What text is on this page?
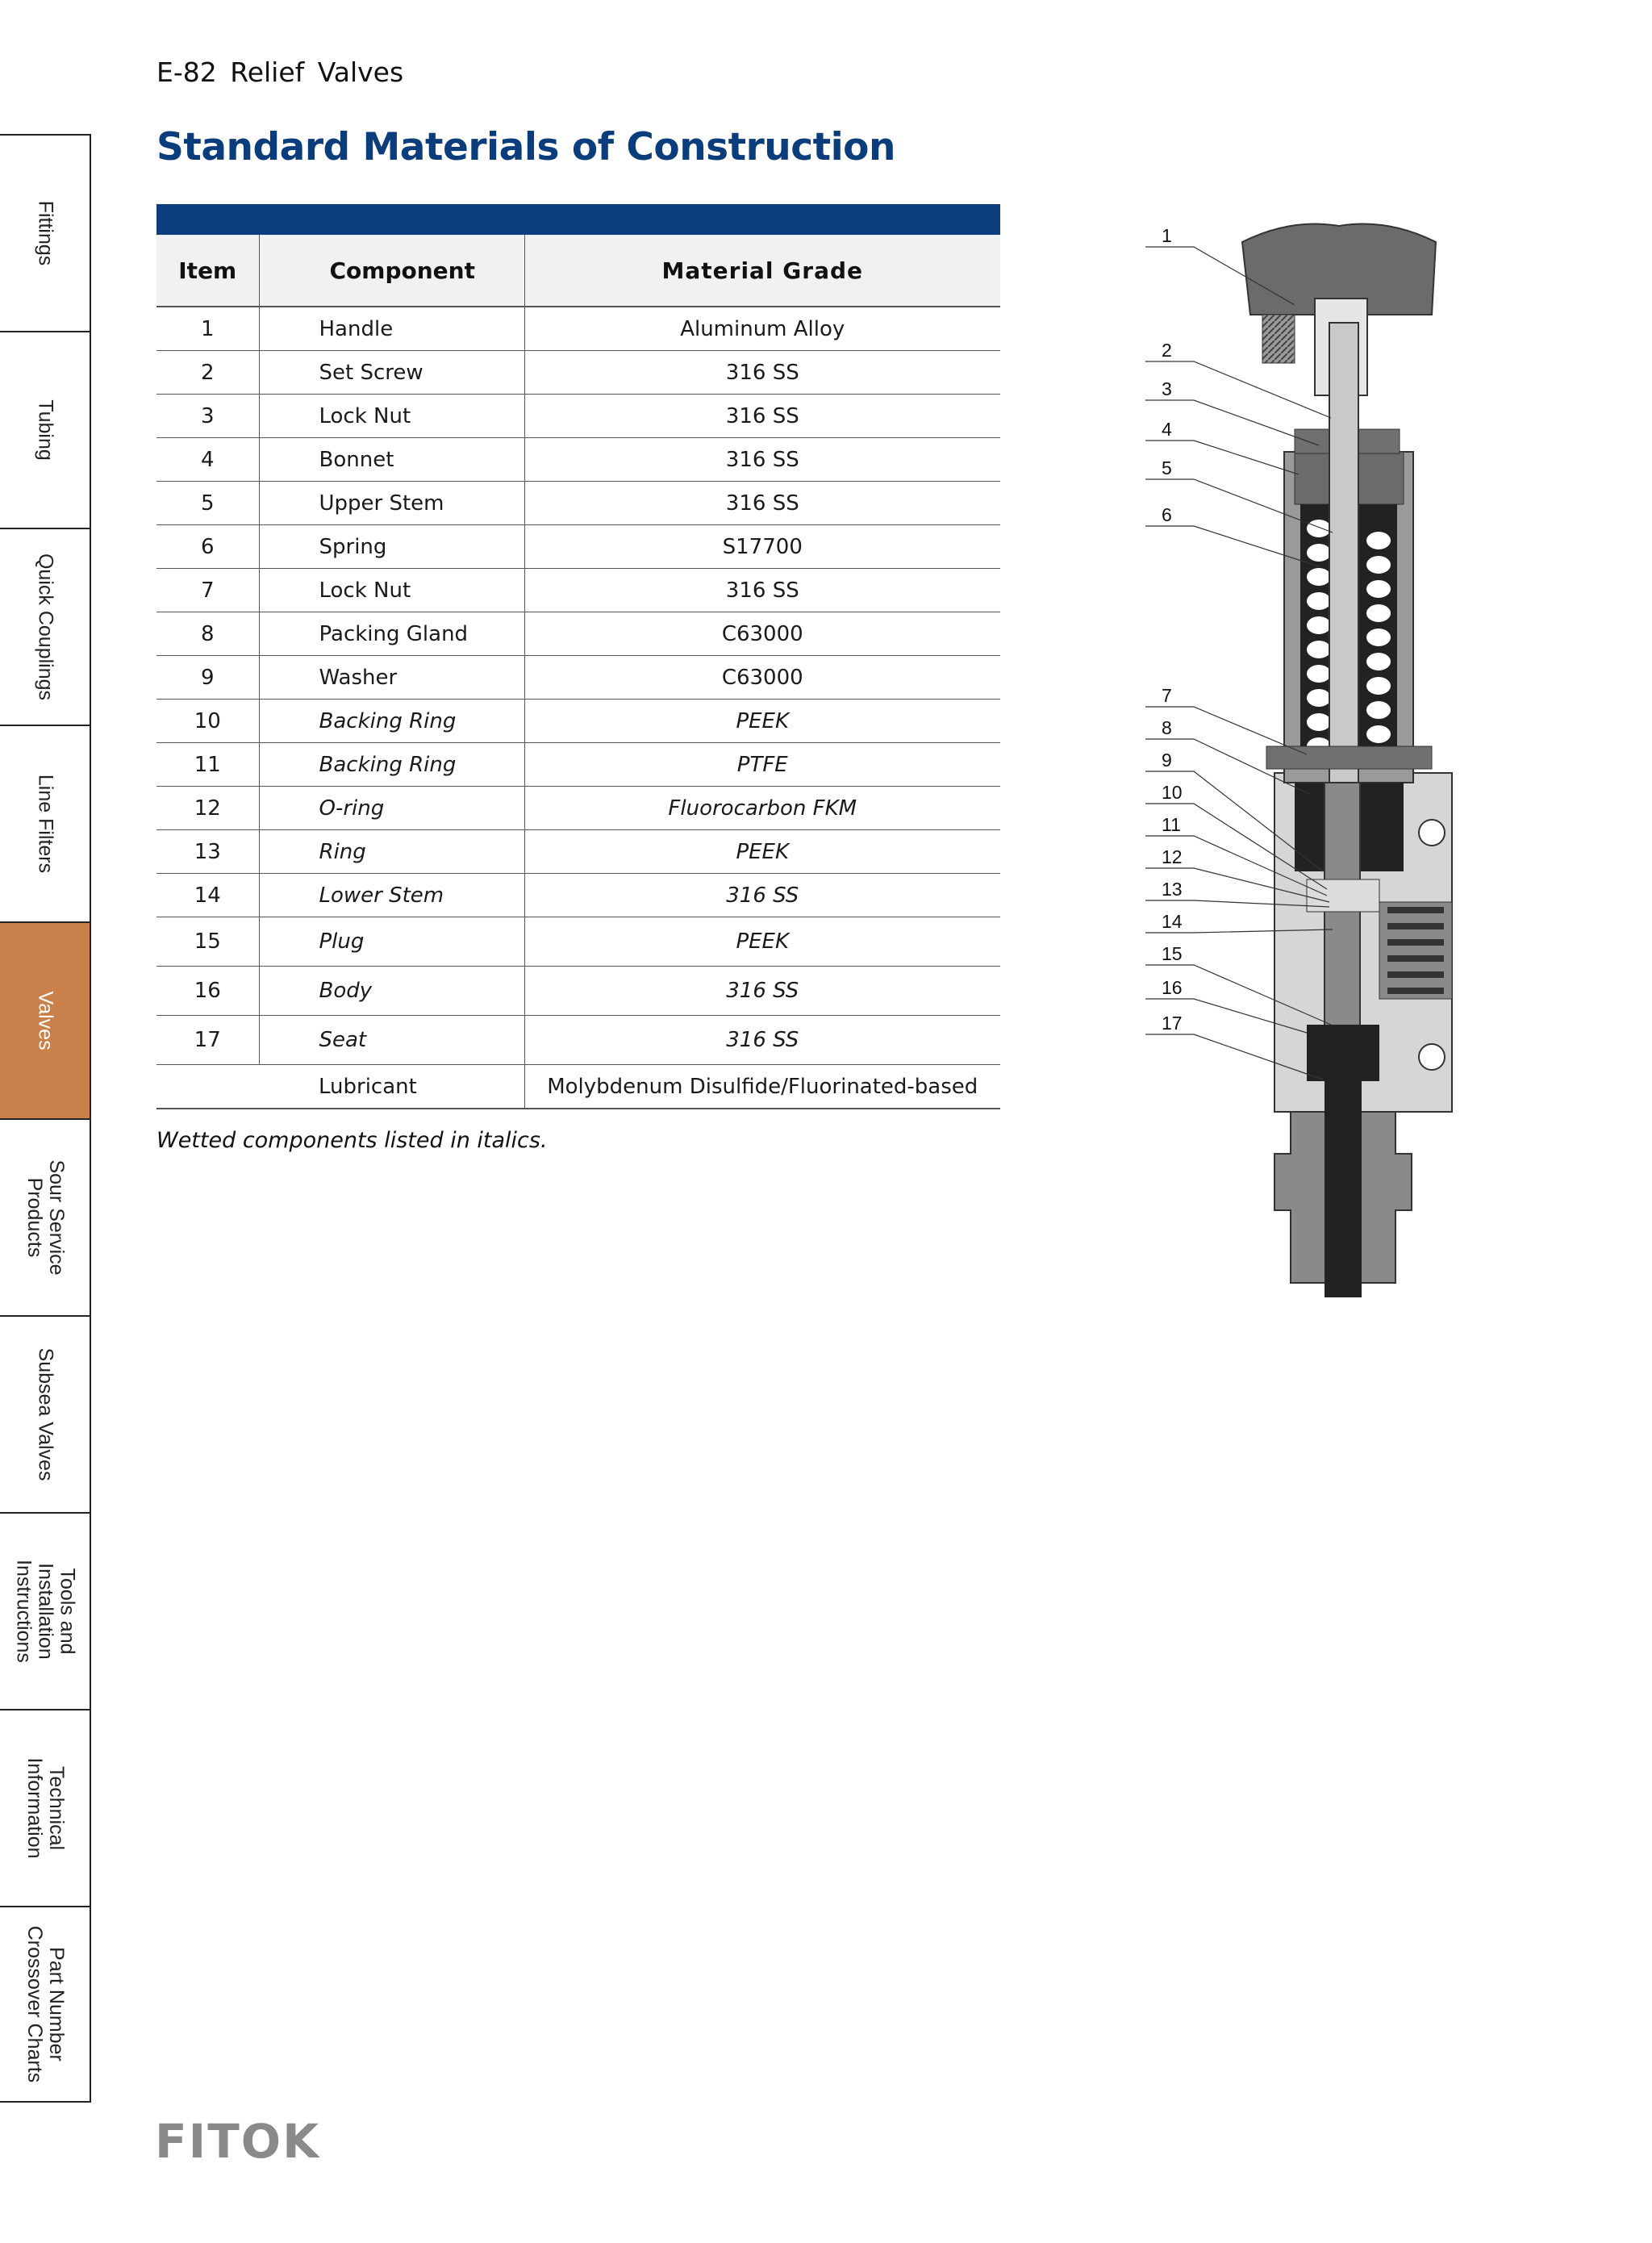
Fittings
Tubing
Quick Couplings
Line Filters
Valves
Sour Service
Products
Subsea Valves
Tools and
Installation
Instructions
Technical
Information
Part Number
Crossover Charts
E-82 Relief Valves
Standard Materials of Construction

Item	Component	Material Grade
1	Handle	Aluminum Alloy
2	Set Screw	316 SS
3	Lock Nut	316 SS
4	Bonnet	316 SS
5	Upper Stem	316 SS
6	Spring	S17700
7	Lock Nut	316 SS
8	Packing Gland	C63000
9	Washer	C63000
10	Backing Ring	PEEK
11	Backing Ring	PTFE
12	O-ring	Fluorocarbon FKM
13	Ring	PEEK
14	Lower Stem	316 SS
15	Plug	PEEK
16	Body	316 SS
17	Seat	316 SS
	Lubricant	Molybdenum Disulfide/Fluorinated-based
Wetted components listed in italics.
1
2
3
4
5
6
7
8
9
10
11
12
13
14
15
16
17
FITOK
